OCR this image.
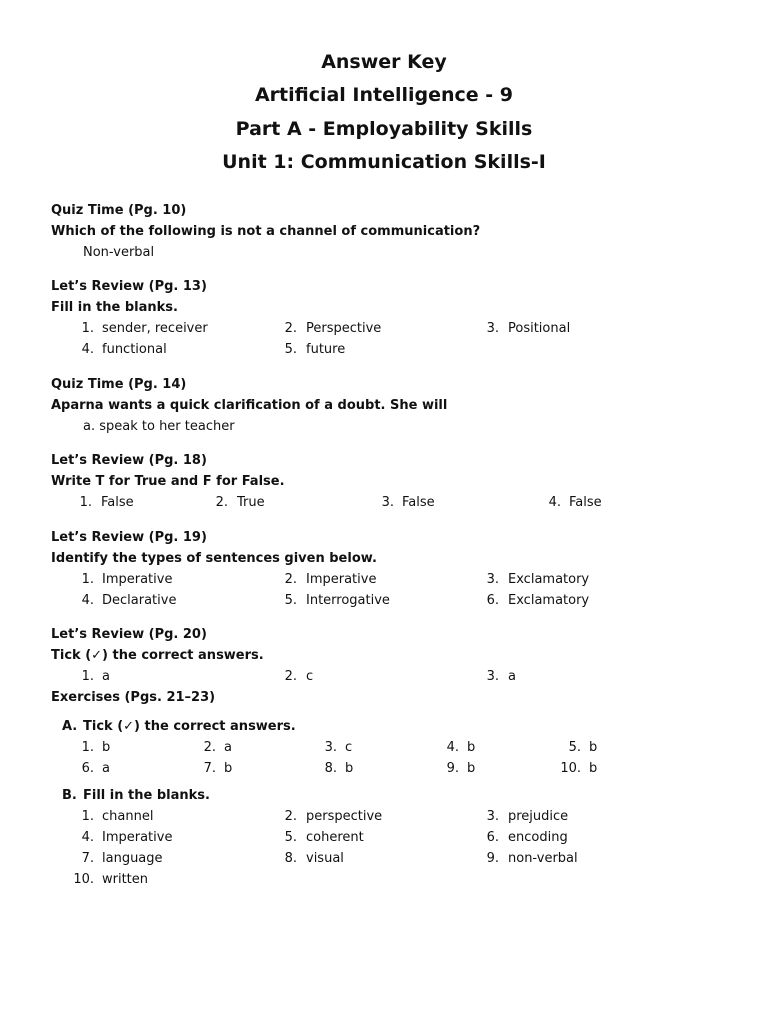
Answer Key
Artificial Intelligence - 9
Part A - Employability Skills
Unit 1: Communication Skills-I
Quiz Time (Pg. 10)
Which of the following is not a channel of communication?
Non-verbal
Let’s Review (Pg. 13)
Fill in the blanks.
1. sender, receiver	2. Perspective	3. Positional
4. functional	5. future
Quiz Time (Pg. 14)
Aparna wants a quick clarification of a doubt. She will
a. speak to her teacher
Let’s Review (Pg. 18)
Write T for True and F for False.
1. False	2. True	3. False	4. False
Let’s Review (Pg. 19)
Identify the types of sentences given below.
1. Imperative	2. Imperative	3. Exclamatory
4. Declarative	5. Interrogative	6. Exclamatory
Let’s Review (Pg. 20)
Tick (✓) the correct answers.
1. a	2. c	3. a
Exercises (Pgs. 21–23)
A. Tick (✓) the correct answers.
1. b	2. a	3. c	4. b	5. b
6. a	7. b	8. b	9. b	10. b
B. Fill in the blanks.
1. channel	2. perspective	3. prejudice
4. Imperative	5. coherent	6. encoding
7. language	8. visual	9. non-verbal
10. written
